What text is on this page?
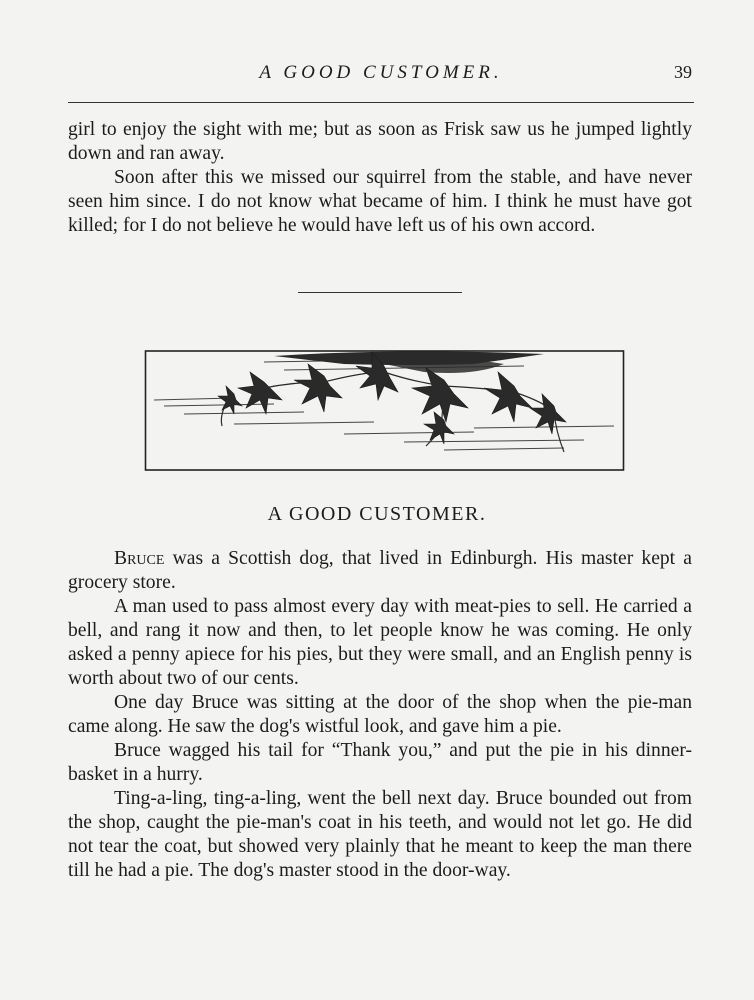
A GOOD CUSTOMER.	39

girl to enjoy the sight with me; but as soon as Frisk saw us he jumped lightly down and ran away.

Soon after this we missed our squirrel from the stable, and have never seen him since. I do not know what became of him. I think he must have got killed; for I do not believe he would have left us of his own accord.

A GOOD CUSTOMER.

Bruce was a Scottish dog, that lived in Edinburgh. His master kept a grocery store.

A man used to pass almost every day with meat-pies to sell. He carried a bell, and rang it now and then, to let people know he was coming. He only asked a penny apiece for his pies, but they were small, and an English penny is worth about two of our cents.

One day Bruce was sitting at the door of the shop when the pie-man came along. He saw the dog's wistful look, and gave him a pie.

Bruce wagged his tail for “Thank you,” and put the pie in his dinner-basket in a hurry.

Ting-a-ling, ting-a-ling, went the bell next day. Bruce bounded out from the shop, caught the pie-man's coat in his teeth, and would not let go. He did not tear the coat, but showed very plainly that he meant to keep the man there till he had a pie. The dog's master stood in the door-way.
